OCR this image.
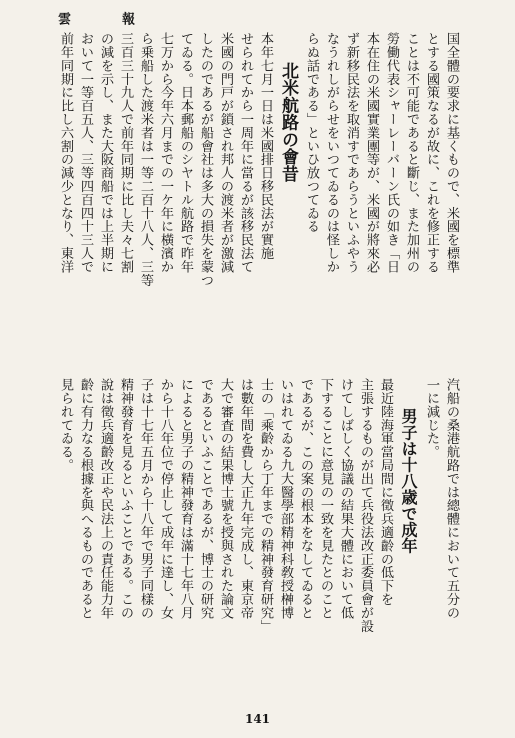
雲	報
国全體の要求に基くもので、米國を標準
とする國策なるが故に、これを修正する
ことは不可能であると斷じ、また加州の
勞働代表シャーレーバーン氏の如き「日
本在住の米國實業團等が、米國が將來必
ず新移民法を取消すであらうといふやう
なうれしがらせをいつてゐるのは怪しか
らぬ話である」といひ放つてゐる
北米航路の會昔
本年七月一日は米國排日移民法が實施
せられてから一周年に當るが該移民法て
米國の門戸が鎖され邦人の渡米者が激減
したのであるが船會社は多大の損失を蒙つ
てゐる。日本郵船のシヤトル航路で昨年
七万から今年六月までの一ケ年に橫濱か
ら乗船した渡米者は一等二百十八人、三等
三百三十九人で前年同期に比し夫々七割
の減を示し、また大阪商船では上半期に
おいて一等百五人、三等四百四十三人で
前年同期に比し六割の減少となり、東洋
汽船の桑港航路では總體において五分の
一に減じた。
男子は十八歳で成年
最近陸海軍當局間に徵兵適齡の低下を
主張するものが出て兵役法改正委員會が設
けてしばしく協議の結果大體において低
下することに意見の一致を見たとのこと
であるが、この案の根本をなしてゐると
いはれてゐる九大醫學部精神科敎授榊博
士の「乘齡から丁年までの精神發育研究」
は數年間を費し大正九年完成し、東京帝
大で審査の結果博士號を授與された論文
であるといふことであるが、博士の研究
によると男子の精神發育は滿十七年八月
から十八年位で停止して成年に達し、女
子は十七年五月から十八年で男子同樣の
精神發育を見るといふことである。この
說は徵兵適齡改正や民法上の責任能力年
齡に有力なる根據を與へるものであると
見られてゐる。
141
